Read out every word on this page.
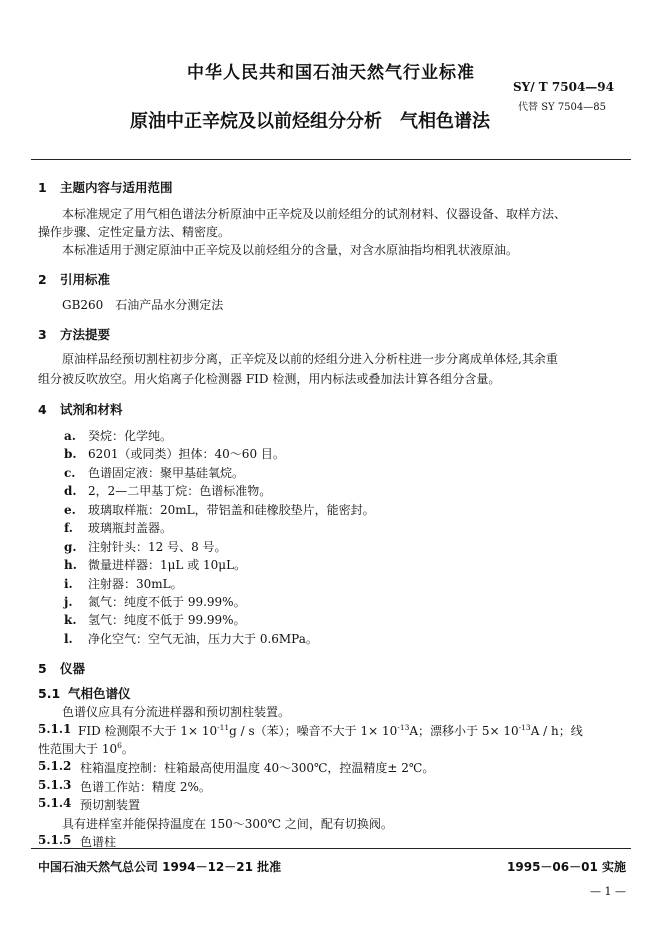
中华人民共和国石油天然气行业标准
SY/ T 7504—94
代替 SY 7504—85
原油中正辛烷及以前烃组分分析　气相色谱法
1 主题内容与适用范围
本标准规定了用气相色谱法分析原油中正辛烷及以前烃组分的试剂材料、仪器设备、取样方法、
操作步骤、定性定量方法、精密度。
本标准适用于测定原油中正辛烷及以前烃组分的含量，对含水原油指均相乳状液原油。
2 引用标准
GB260　石油产品水分测定法
3 方法提要
原油样品经预切割柱初步分离，正辛烷及以前的烃组分进入分析柱进一步分离成单体烃,其余重
组分被反吹放空。用火焰离子化检测器 FID 检测，用内标法或叠加法计算各组分含量。
4 试剂和材料
a. 癸烷：化学纯。
b. 6201（或同类）担体：40～60 目。
c. 色谱固定液：聚甲基硅氧烷。
d. 2，2—二甲基丁烷：色谱标准物。
e. 玻璃取样瓶：20mL，带铝盖和硅橡胶垫片，能密封。
f. 玻璃瓶封盖器。
g. 注射针头：12 号、8 号。
h. 微量进样器：1μL 或 10μL。
i. 注射器：30mL。
j. 氮气：纯度不低于 99.99%。
k. 氢气：纯度不低于 99.99%。
l. 净化空气：空气无油，压力大于 0.6MPa。
5 仪器
5.1 气相色谱仪
色谱仪应具有分流进样器和预切割柱装置。
5.1.1 FID 检测限不大于 $1\times 10^{-11}g / s$（苯）；噪音不大于 $1\times 10^{-13}A$；漂移小于 $5\times 10^{-13}A / h$；线
性范围大于 $10^6$。
5.1.2 柱箱温度控制：柱箱最高使用温度 40～300℃，控温精度± 2℃。
5.1.3 色谱工作站：精度 2%。
5.1.4 预切割装置
具有进样室并能保持温度在 150～300℃ 之间，配有切换阀。
5.1.5 色谱柱
中国石油天然气总公司 1994－12－21 批准	1995－06－01 实施
— 1 —
